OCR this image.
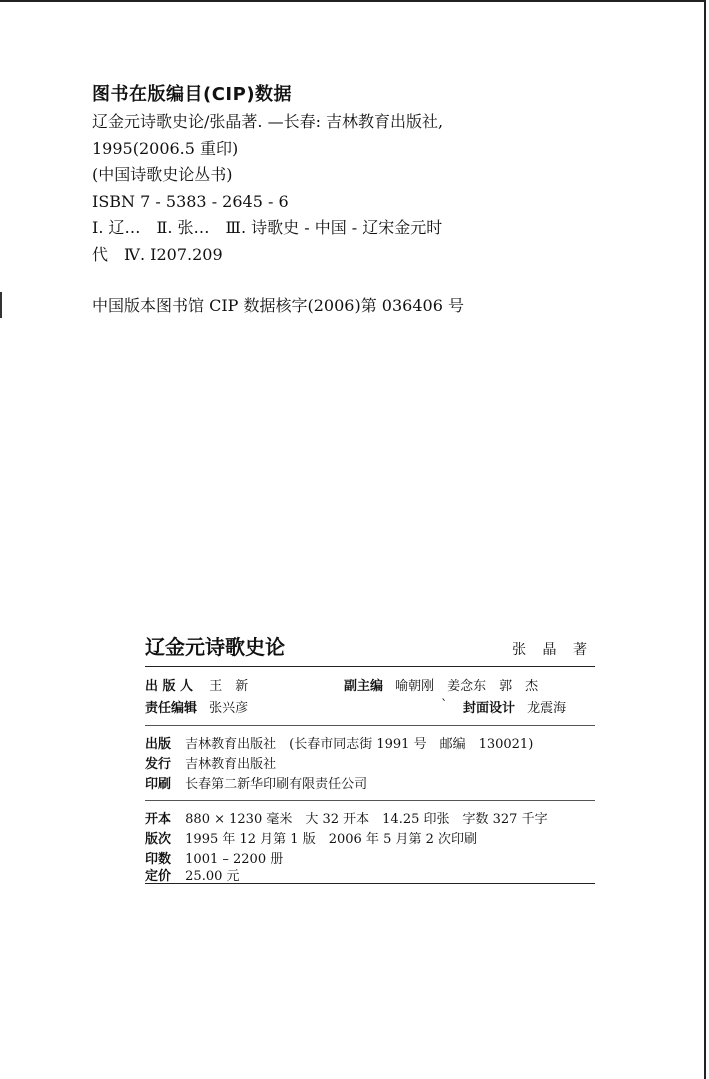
图书在版编目(CIP)数据
辽金元诗歌史论/张晶著. —长春: 吉林教育出版社,
1995(2006.5 重印)
(中国诗歌史论丛书)
ISBN 7 - 5383 - 2645 - 6
Ⅰ. 辽…　Ⅱ. 张…　Ⅲ. 诗歌史 - 中国 - 辽宋金元时
代　Ⅳ. I207.209
中国版本图书馆 CIP 数据核字(2006)第 036406 号
辽金元诗歌史论	张 晶 著
出 版 人 王　新	副主编 喻朝刚　姜念东　郭　杰
责任编辑 张兴彦	` 封面设计 龙震海
出版 吉林教育出版社　(长春市同志街 1991 号　邮编　130021)
发行 吉林教育出版社
印刷 长春第二新华印刷有限责任公司
开本 880 × 1230 毫米　大 32 开本　14.25 印张　字数 327 千字
版次 1995 年 12 月第 1 版　2006 年 5 月第 2 次印刷
印数 1001 – 2200 册
定价 25.00 元
